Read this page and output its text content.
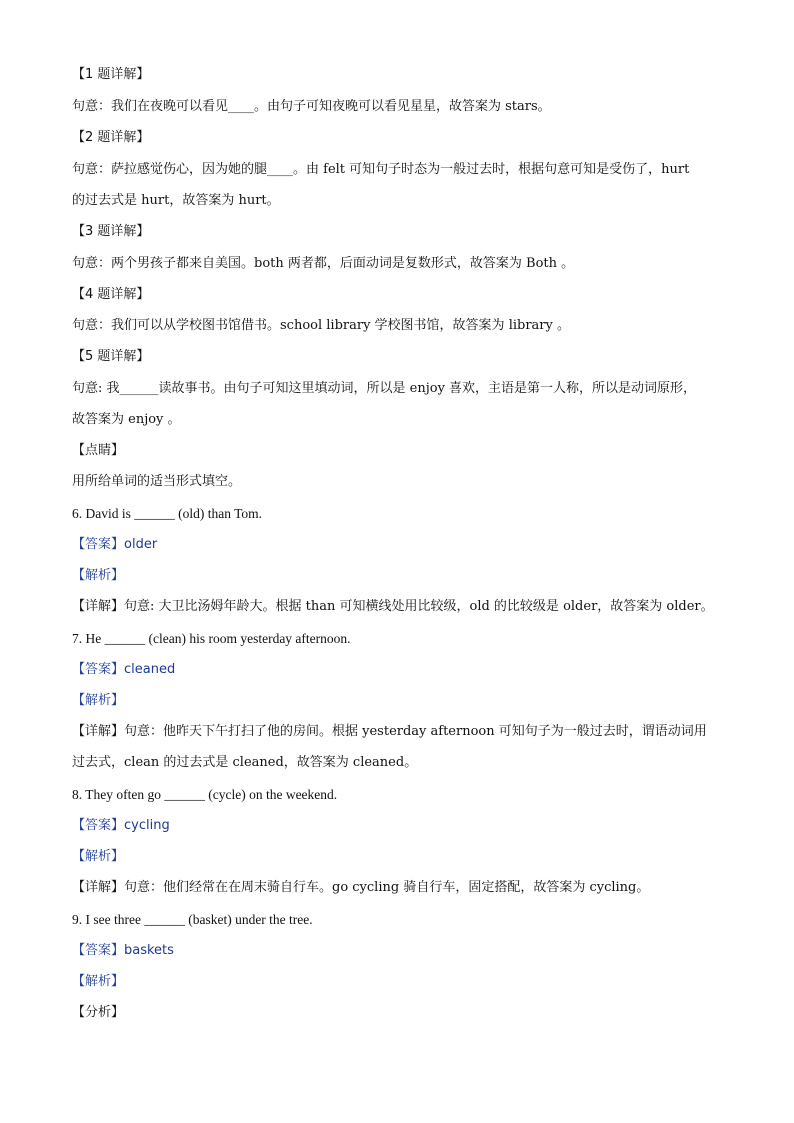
【1 题详解】
句意：我们在夜晚可以看见____。由句子可知夜晚可以看见星星，故答案为 stars。
【2 题详解】
句意：萨拉感觉伤心，因为她的腿____。由 felt 可知句子时态为一般过去时，根据句意可知是受伤了，hurt
的过去式是 hurt，故答案为 hurt。
【3 题详解】
句意：两个男孩子都来自美国。both 两者都，后面动词是复数形式，故答案为 Both 。
【4 题详解】
句意：我们可以从学校图书馆借书。school library 学校图书馆，故答案为 library 。
【5 题详解】
句意: 我______读故事书。由句子可知这里填动词，所以是 enjoy 喜欢，主语是第一人称，所以是动词原形，
故答案为 enjoy 。
【点睛】
用所给单词的适当形式填空。
6. David is ______ (old) than Tom.
【答案】older
【解析】
【详解】句意: 大卫比汤姆年龄大。根据 than 可知横线处用比较级，old 的比较级是 older，故答案为 older。
7. He ______ (clean) his room yesterday afternoon.
【答案】cleaned
【解析】
【详解】句意：他昨天下午打扫了他的房间。根据 yesterday afternoon 可知句子为一般过去时，谓语动词用
过去式，clean 的过去式是 cleaned，故答案为 cleaned。
8. They often go ______ (cycle) on the weekend.
【答案】cycling
【解析】
【详解】句意：他们经常在在周末骑自行车。go cycling 骑自行车，固定搭配，故答案为 cycling。
9. I see three ______ (basket) under the tree.
【答案】baskets
【解析】
【分析】
